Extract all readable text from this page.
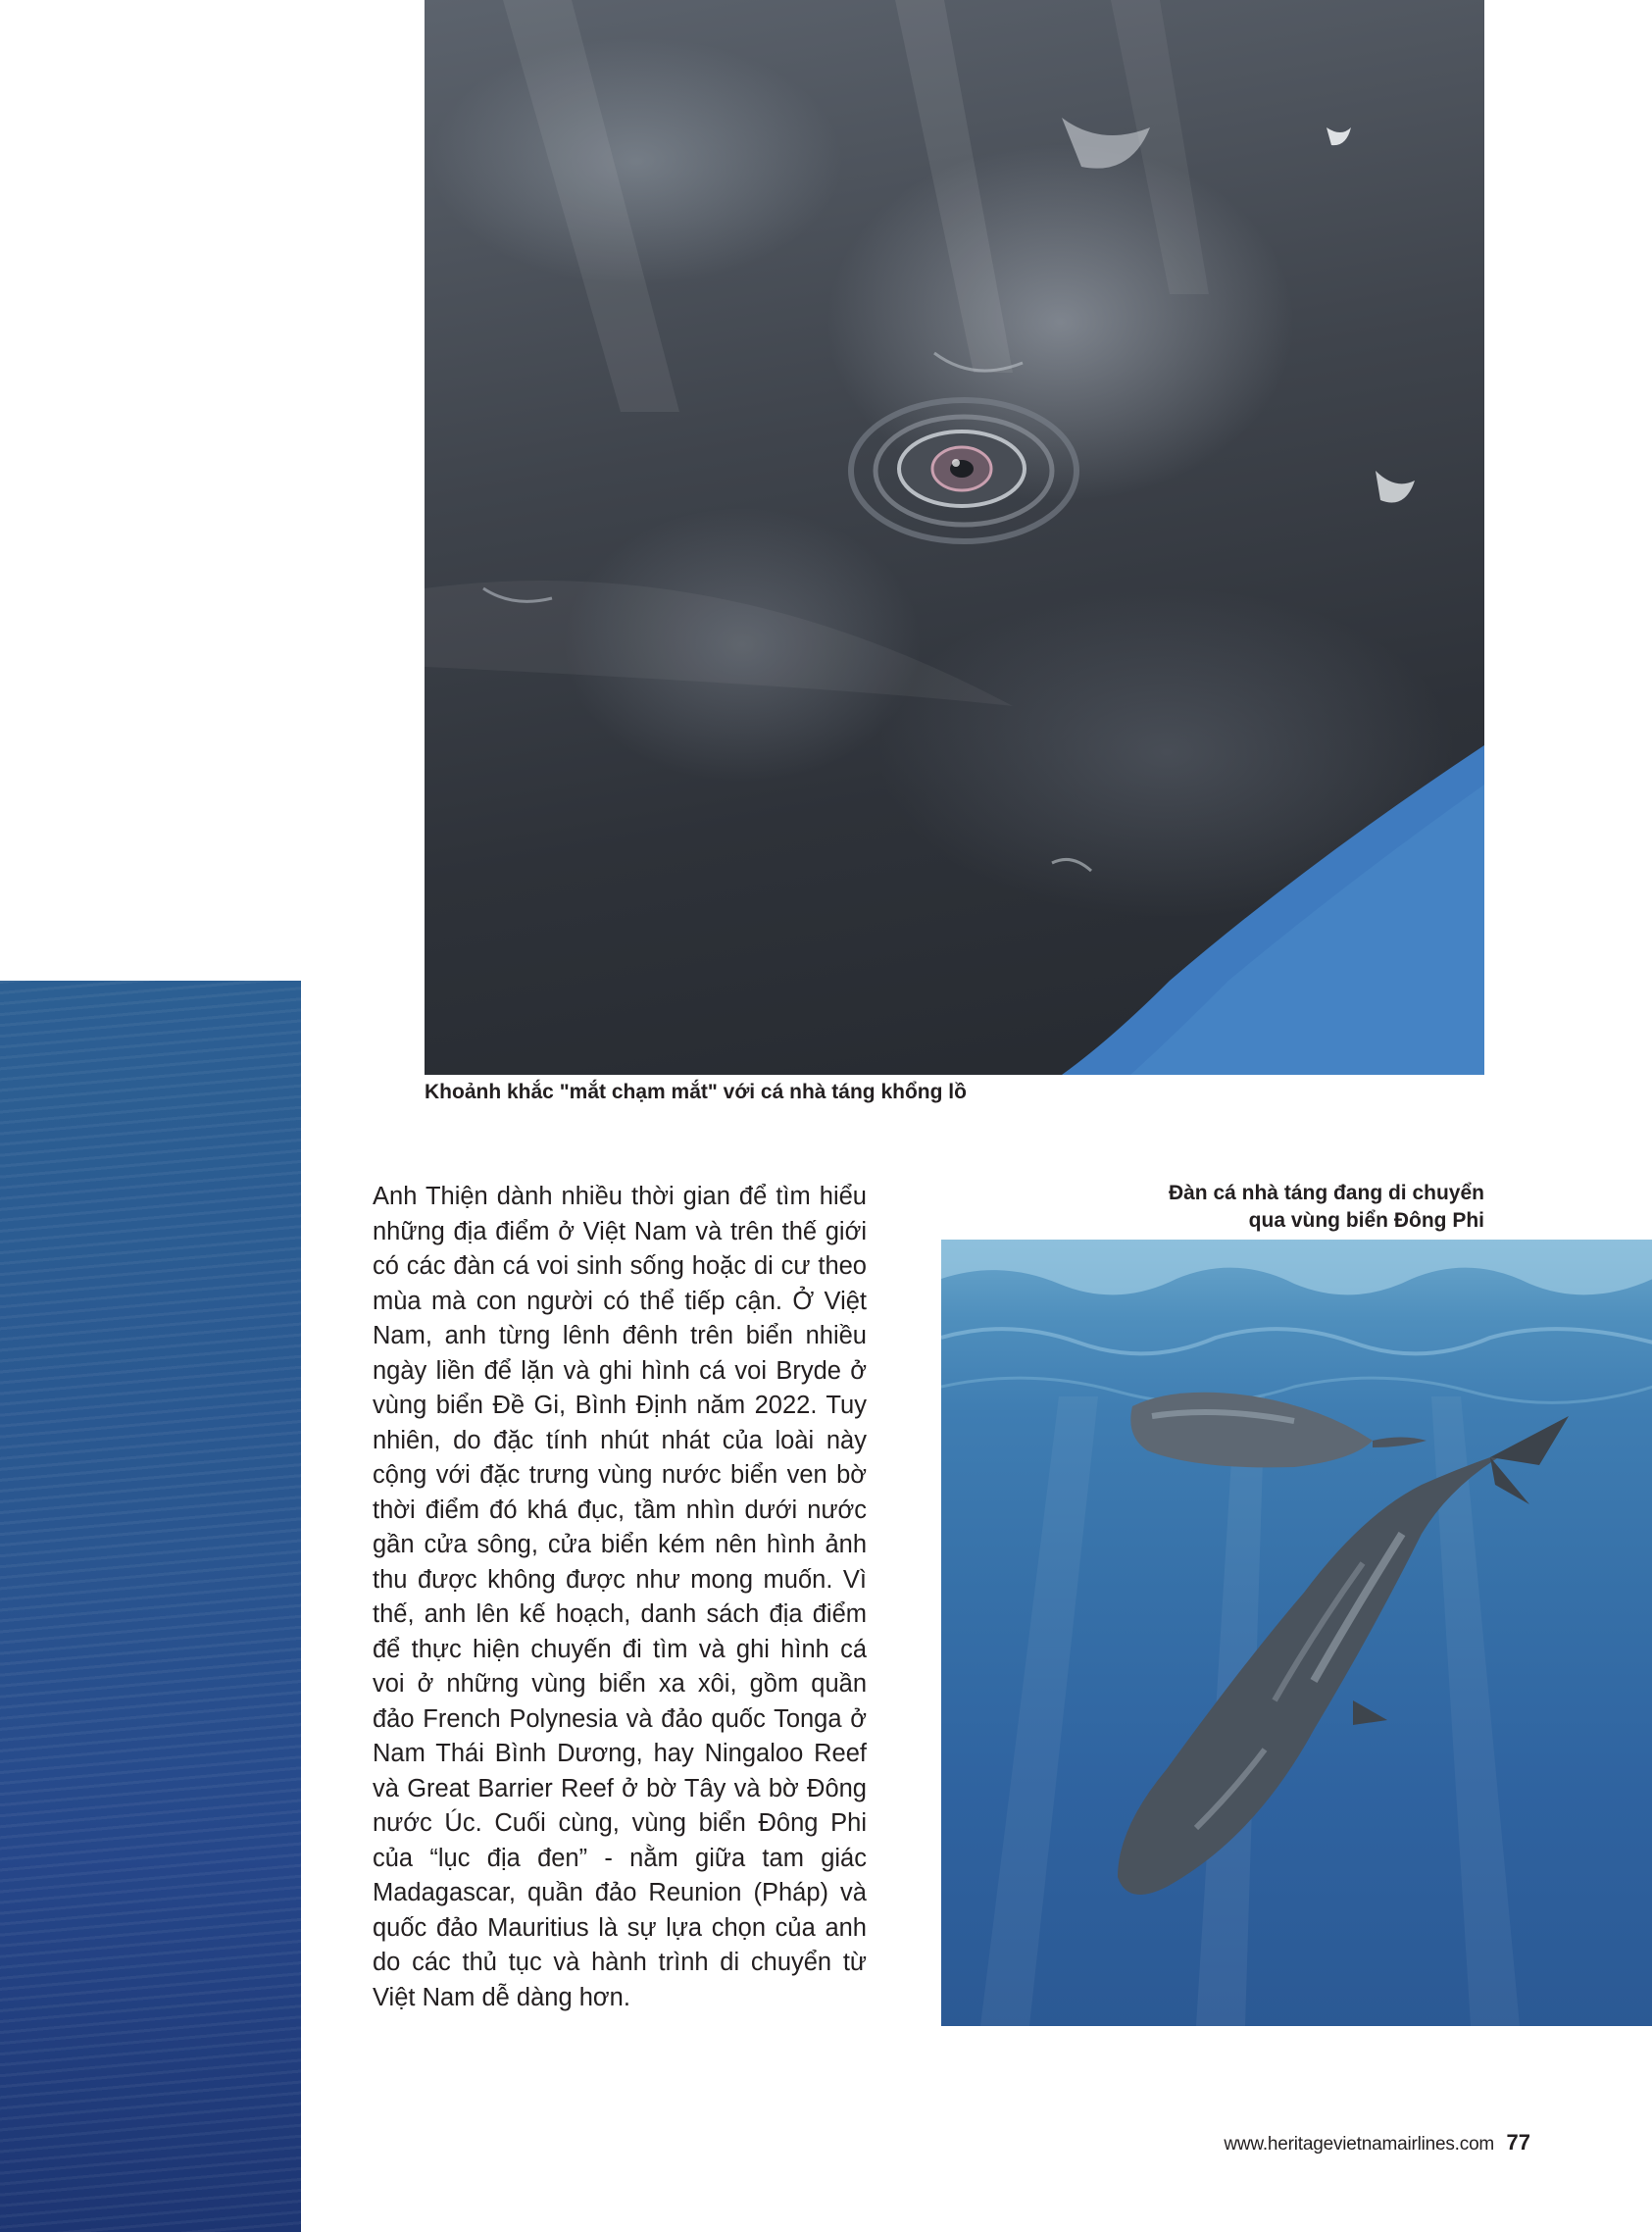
Khoảnh khắc "mắt chạm mắt" với cá nhà táng khổng lồ

Anh Thiện dành nhiều thời gian để tìm hiểu những địa điểm ở Việt Nam và trên thế giới có các đàn cá voi sinh sống hoặc di cư theo mùa mà con người có thể tiếp cận. Ở Việt Nam, anh từng lênh đênh trên biển nhiều ngày liền để lặn và ghi hình cá voi Bryde ở vùng biển Đề Gi, Bình Định năm 2022. Tuy nhiên, do đặc tính nhút nhát của loài này cộng với đặc trưng vùng nước biển ven bờ thời điểm đó khá đục, tầm nhìn dưới nước gần cửa sông, cửa biển kém nên hình ảnh thu được không được như mong muốn. Vì thế, anh lên kế hoạch, danh sách địa điểm để thực hiện chuyến đi tìm và ghi hình cá voi ở những vùng biển xa xôi, gồm quần đảo French Polynesia và đảo quốc Tonga ở Nam Thái Bình Dương, hay Ningaloo Reef và Great Barrier Reef ở bờ Tây và bờ Đông nước Úc. Cuối cùng, vùng biển Đông Phi của “lục địa đen” - nằm giữa tam giác Madagascar, quần đảo Reunion (Pháp) và quốc đảo Mauritius là sự lựa chọn của anh do các thủ tục và hành trình di chuyển từ Việt Nam dễ dàng hơn.

Đàn cá nhà táng đang di chuyển
qua vùng biển Đông Phi
www.heritagevietnamairlines.com 77
